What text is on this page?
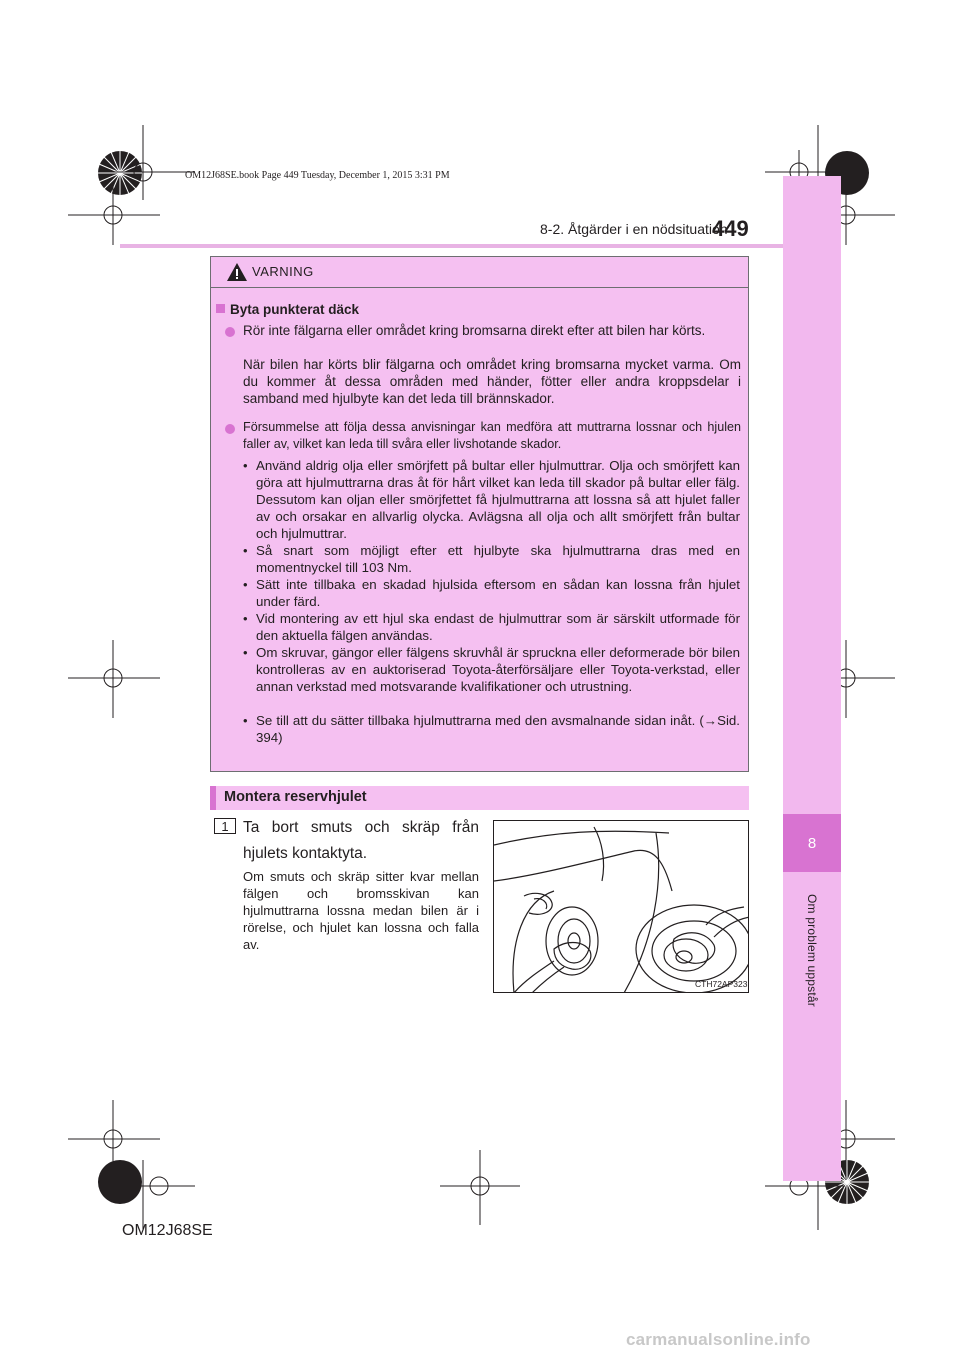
8
Om problem uppstår
OM12J68SE.book Page 449 Tuesday, December 1, 2015 3:31 PM
8-2. Åtgärder i en nödsituation
449
VARNING
Byta punkterat däck
Rör inte fälgarna eller området kring bromsarna direkt efter att bilen har körts.
När bilen har körts blir fälgarna och området kring bromsarna mycket varma. Om du kommer åt dessa områden med händer, fötter eller andra kroppsdelar i samband med hjulbyte kan det leda till brännskador.
Försummelse att följa dessa anvisningar kan medföra att muttrarna lossnar och hjulen faller av, vilket kan leda till svåra eller livshotande skador.
• Använd aldrig olja eller smörjfett på bultar eller hjulmuttrar. Olja och smörjfett kan göra att hjulmuttrarna dras åt för hårt vilket kan leda till skador på bultar eller fälg. Dessutom kan oljan eller smörjfettet få hjulmuttrarna att lossna så att hjulet faller av och orsakar en allvarlig olycka. Avlägsna all olja och allt smörjfett från bultar och hjulmuttrar.
• Så snart som möjligt efter ett hjulbyte ska hjulmuttrarna dras med en momentnyckel till 103 Nm.
• Sätt inte tillbaka en skadad hjulsida eftersom en sådan kan lossna från hjulet under färd.
• Vid montering av ett hjul ska endast de hjulmuttrar som är särskilt utformade för den aktuella fälgen användas.
• Om skruvar, gängor eller fälgens skruvhål är spruckna eller deformerade bör bilen kontrolleras av en auktoriserad Toyota-återförsäljare eller Toyota-verkstad, eller annan verkstad med motsvarande kvalifikationer och utrustning.
• Se till att du sätter tillbaka hjulmuttrarna med den avsmalnande sidan inåt. (→Sid. 394)
Montera reservhjulet
1 Ta bort smuts och skräp från hjulets kontaktyta.
Om smuts och skräp sitter kvar mellan fälgen och bromsskivan kan hjulmuttrarna lossna medan bilen är i rörelse, och hjulet kan lossna och falla av.
CTH72AP323
OM12J68SE
carmanualsonline.info
